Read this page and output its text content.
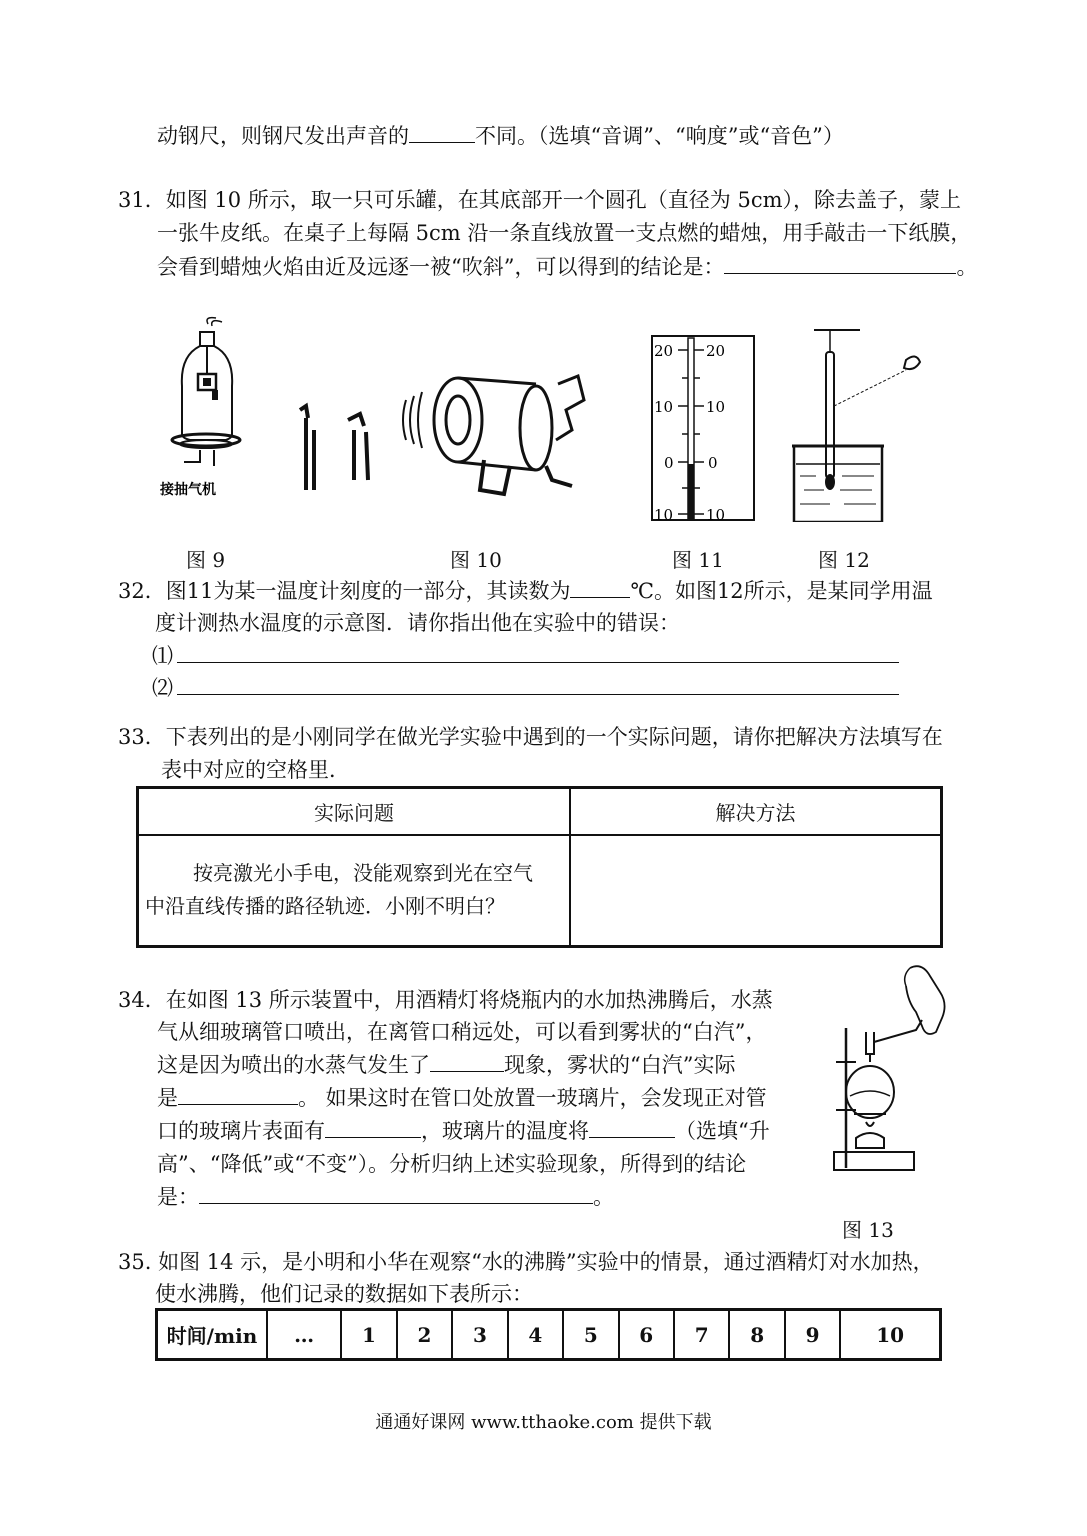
动钢尺，则钢尺发出声音的	不同。（选填“音调”、“响度”或“音色”）
31．如图 10 所示，取一只可乐罐，在其底部开一个圆孔（直径为 5cm），除去盖子，蒙上
一张牛皮纸。在桌子上每隔 5cm 沿一条直线放置一支点燃的蜡烛，用手敲击一下纸膜，
会看到蜡烛火焰由近及远逐一被“吹斜”，可以得到的结论是：	。
接抽气机
20 20
10 10
0 0
10 10
图 9	图 10	图 11	图 12
32．图11为某一温度计刻度的一部分，其读数为	℃。如图12所示，是某同学用温
度计测热水温度的示意图．请你指出他在实验中的错误：
⑴
⑵
33．下表列出的是小刚同学在做光学实验中遇到的一个实际问题，请你把解决方法填写在
表中对应的空格里．
实际问题	解决方法

按亮激光小手电，没能观察到光在空气
中沿直线传播的路径轨迹．小刚不明白？	

34．在如图 13 所示装置中，用酒精灯将烧瓶内的水加热沸腾后，水蒸
气从细玻璃管口喷出，在离管口稍远处，可以看到雾状的“白汽”，
这是因为喷出的水蒸气发生了	现象，雾状的“白汽”实际
是	。 如果这时在管口处放置一玻璃片，会发现正对管
口的玻璃片表面有	，玻璃片的温度将	（选填“升
高”、“降低”或“不变”）。分析归纳上述实验现象，所得到的结论
是：	。
图 13
35. 如图 14 示，是小明和小华在观察“水的沸腾”实验中的情景，通过酒精灯对水加热，
使水沸腾，他们记录的数据如下表所示：
时间/min	…	1	2	3	4	5	6	7	8	9	10
通通好课网 www.tthaoke.com 提供下载
